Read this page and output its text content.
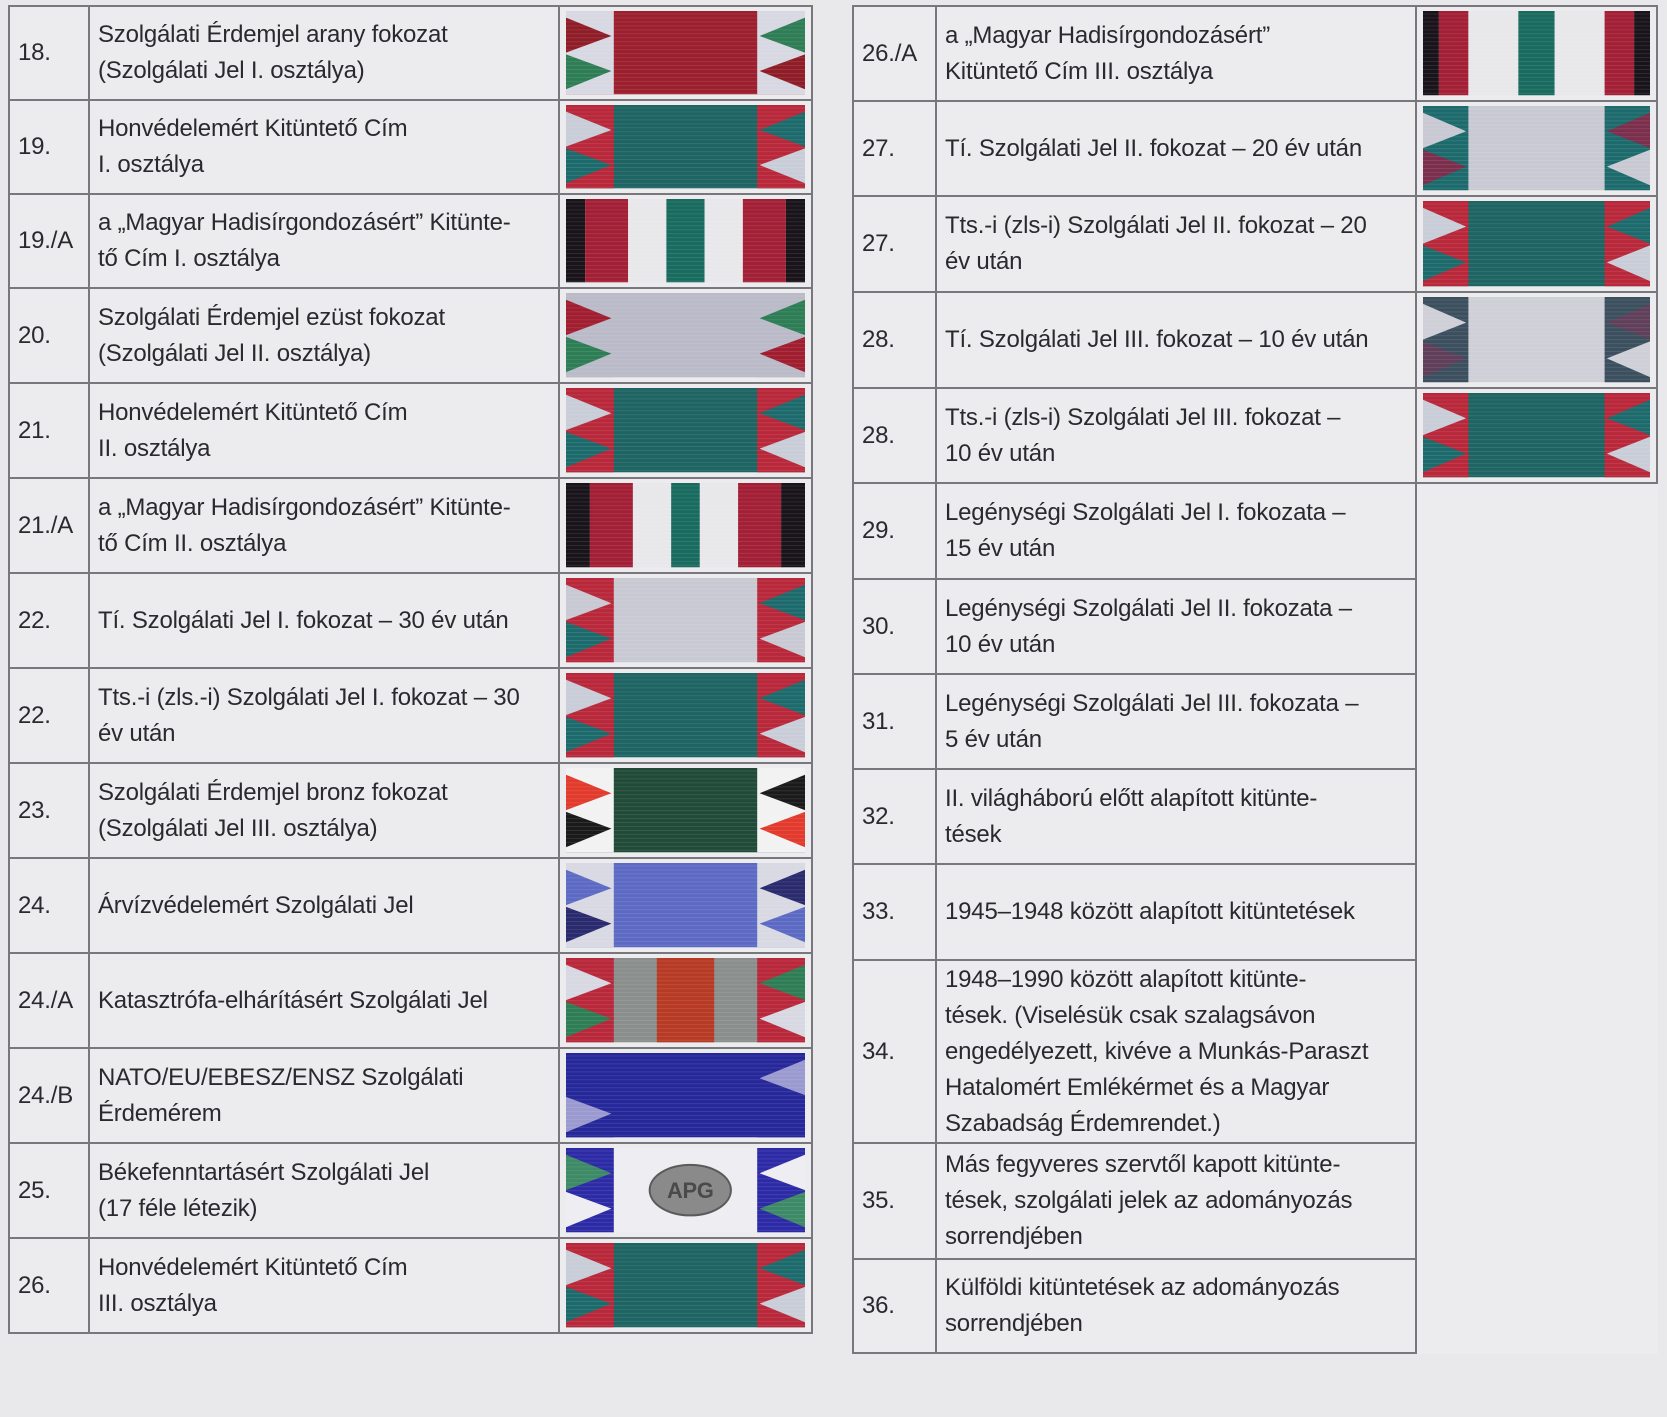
18.	Szolgálati Érdemjel arany fokozat
(Szolgálati Jel I. osztálya)	

19.	Honvédelemért Kitüntető Cím
I. osztálya	

19./A	a „Magyar Hadisírgondozásért” Kitünte-
tő Cím I. osztálya	

20.	Szolgálati Érdemjel ezüst fokozat
(Szolgálati Jel II. osztálya)	

21.	Honvédelemért Kitüntető Cím
II. osztálya	

21./A	a „Magyar Hadisírgondozásért” Kitünte-
tő Cím II. osztálya	

22.	Tí. Szolgálati Jel I. fokozat – 30 év után	

22.	Tts.-i (zls.-i) Szolgálati Jel I. fokozat – 30
év után	

23.	Szolgálati Érdemjel bronz fokozat
(Szolgálati Jel III. osztálya)	

24.	Árvízvédelemért Szolgálati Jel	

24./A	Katasztrófa-elhárításért Szolgálati Jel	

24./B	NATO/EU/EBESZ/ENSZ Szolgálati
Érdemérem	

25.	Békefenntartásért Szolgálati Jel
(17 féle létezik)	APG

26.	Honvédelemért Kitüntető Cím
III. osztálya	
26./A	a „Magyar Hadisírgondozásért”
Kitüntető Cím III. osztálya	

27.	Tí. Szolgálati Jel II. fokozat – 20 év után	

27.	Tts.-i (zls-i) Szolgálati Jel II. fokozat – 20
év után	

28.	Tí. Szolgálati Jel III. fokozat – 10 év után	

28.	Tts.-i (zls-i) Szolgálati Jel III. fokozat –
10 év után	

29.	Legénységi Szolgálati Jel I. fokozata –
15 év után	
30.	Legénységi Szolgálati Jel II. fokozata –
10 év után	
31.	Legénységi Szolgálati Jel III. fokozata –
5 év után	
32.	II. világháború előtt alapított kitünte-
tések	
33.	1945–1948 között alapított kitüntetések	
34.	1948–1990 között alapított kitünte-
tések. (Viselésük csak szalagsávon
engedélyezett, kivéve a Munkás-Paraszt
Hatalomért Emlékérmet és a Magyar
Szabadság Érdemrendet.)	
35.	Más fegyveres szervtől kapott kitünte-
tések, szolgálati jelek az adományozás
sorrendjében	
36.	Külföldi kitüntetések az adományozás
sorrendjében	
